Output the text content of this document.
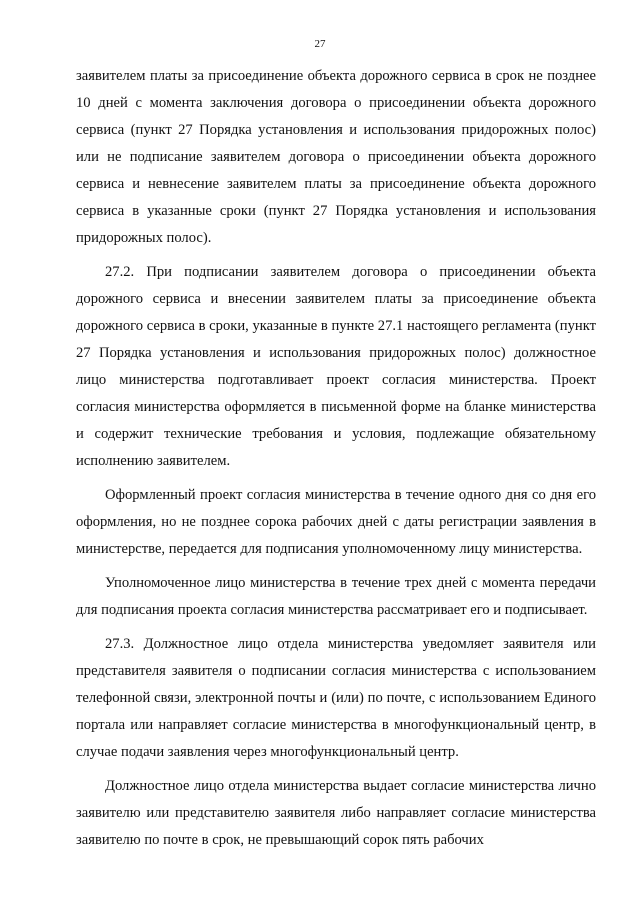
27

заявителем платы за присоединение объекта дорожного сервиса в срок не позднее 10 дней с момента заключения договора о присоединении объекта дорожного сервиса (пункт 27 Порядка установления и использования придорожных полос) или не подписание заявителем договора о присоединении объекта дорожного сервиса и невнесение заявителем платы за присоединение объекта дорожного сервиса в указанные сроки (пункт 27 Порядка установления и использования придорожных полос).

27.2. При подписании заявителем договора о присоединении объекта дорожного сервиса и внесении заявителем платы за присоединение объекта дорожного сервиса в сроки, указанные в пункте 27.1 настоящего регламента (пункт 27 Порядка установления и использования придорожных полос) должностное лицо министерства подготавливает проект согласия министерства. Проект согласия министерства оформляется в письменной форме на бланке министерства и содержит технические требования и условия, подлежащие обязательному исполнению заявителем.

Оформленный проект согласия министерства в течение одного дня со дня его оформления, но не позднее сорока рабочих дней с даты регистрации заявления в министерстве, передается для подписания уполномоченному лицу министерства.

Уполномоченное лицо министерства в течение трех дней с момента передачи для подписания проекта согласия министерства рассматривает его и подписывает.

27.3. Должностное лицо отдела министерства уведомляет заявителя или представителя заявителя о подписании согласия министерства с использованием телефонной связи, электронной почты и (или) по почте, с использованием Единого портала или направляет согласие министерства в многофункциональный центр, в случае подачи заявления через многофункциональный центр.

Должностное лицо отдела министерства выдает согласие министерства лично заявителю или представителю заявителя либо направляет согласие министерства заявителю по почте в срок, не превышающий сорок пять рабочих
